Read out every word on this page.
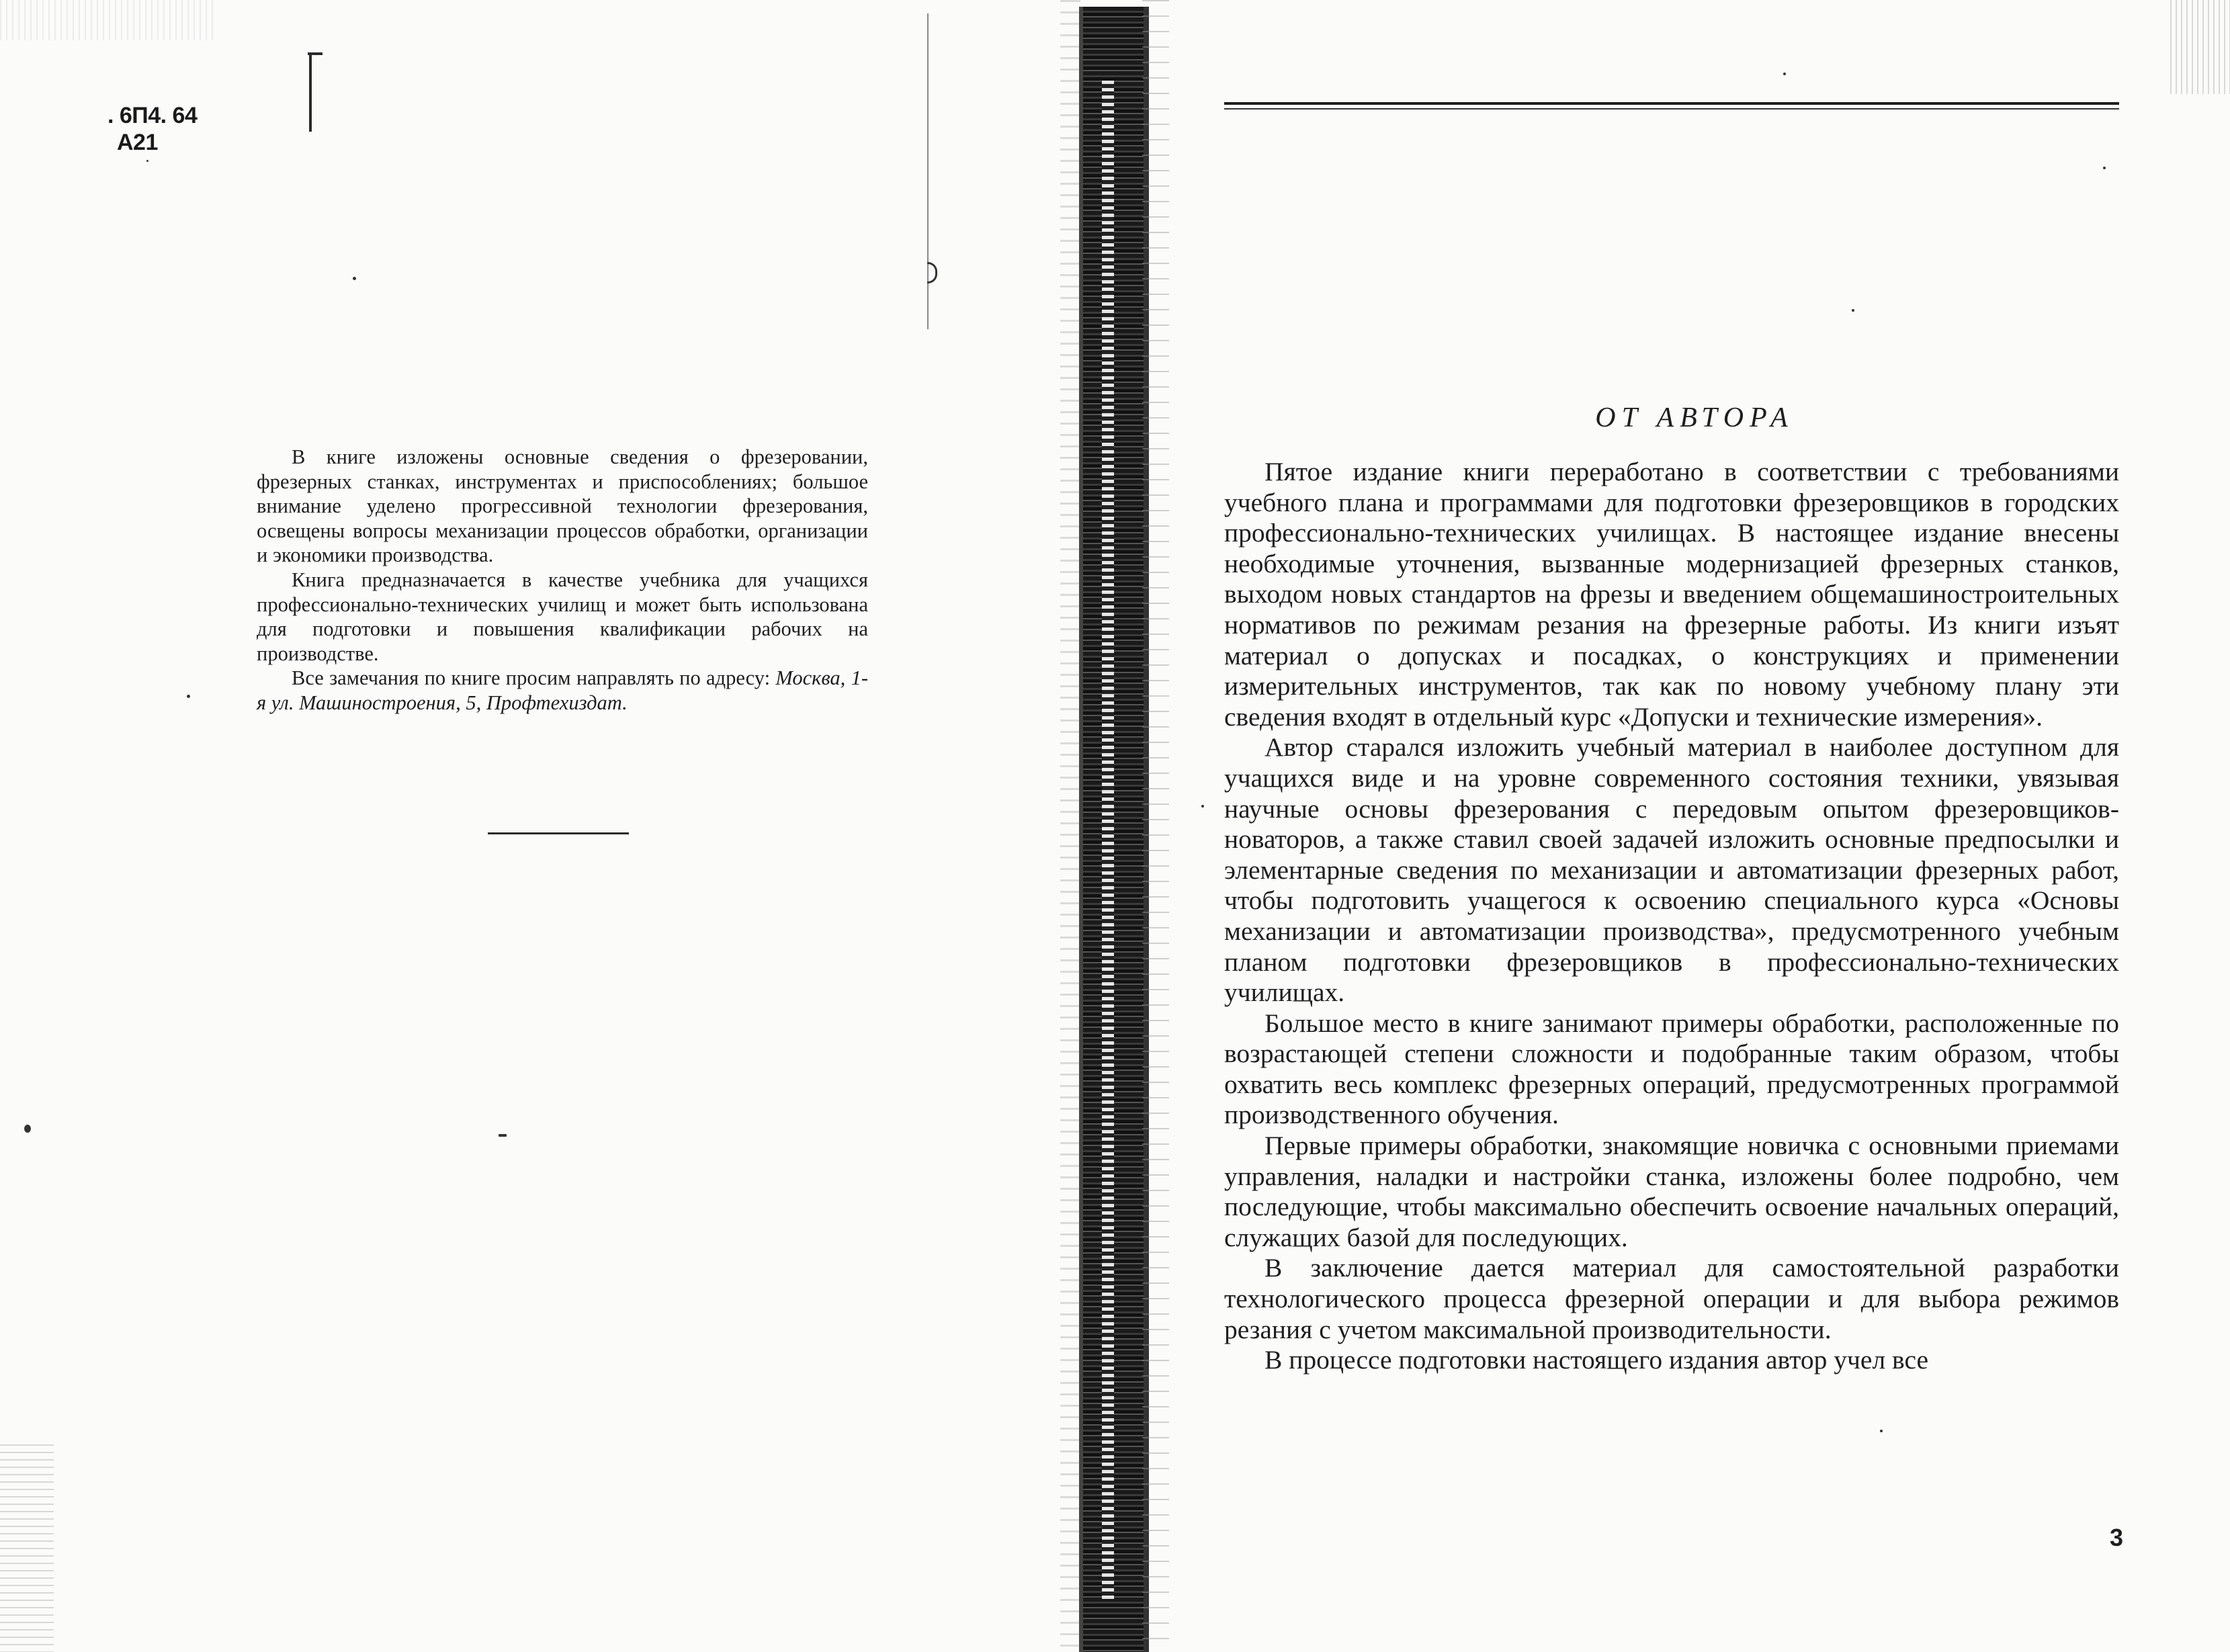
. 6П4. 64
А21

В книге изложены основные сведения о фрезеровании, фрезерных станках, инструментах и приспособлениях; большое внимание уделено прогрессивной технологии фрезерования, освещены вопросы механизации процессов обработки, организации и экономики производства.

Книга предназначается в качестве учебника для учащихся профессионально-технических училищ и может быть использована для подготовки и повышения квалификации рабочих на производстве.

Все замечания по книге просим направлять по адресу: Москва, 1-я ул. Машиностроения, 5, Профтехиздат.

ОТ АВТОРА

Пятое издание книги переработано в соответствии с требованиями учебного плана и программами для подготовки фрезеровщиков в городских профессионально-технических училищах. В настоящее издание внесены необходимые уточнения, вызванные модернизацией фрезерных станков, выходом новых стандартов на фрезы и введением общемашиностроительных нормативов по режимам резания на фрезерные работы. Из книги изъят материал о допусках и посадках, о конструкциях и применении измерительных инструментов, так как по новому учебному плану эти сведения входят в отдельный курс «Допуски и технические измерения».

Автор старался изложить учебный материал в наиболее доступном для учащихся виде и на уровне современного состояния техники, увязывая научные основы фрезерования с передовым опытом фрезеровщиков-новаторов, а также ставил своей задачей изложить основные предпосылки и элементарные сведения по механизации и автоматизации фрезерных работ, чтобы подготовить учащегося к освоению специального курса «Основы механизации и автоматизации производства», предусмотренного учебным планом подготовки фрезеровщиков в профессионально-технических училищах.

Большое место в книге занимают примеры обработки, расположенные по возрастающей степени сложности и подобранные таким образом, чтобы охватить весь комплекс фрезерных операций, предусмотренных программой производственного обучения.

Первые примеры обработки, знакомящие новичка с основными приемами управления, наладки и настройки станка, изложены более подробно, чем последующие, чтобы максимально обеспечить освоение начальных операций, служащих базой для последующих.

В заключение дается материал для самостоятельной разработки технологического процесса фрезерной операции и для выбора режимов резания с учетом максимальной производительности.

В процессе подготовки настоящего издания автор учел все

3
